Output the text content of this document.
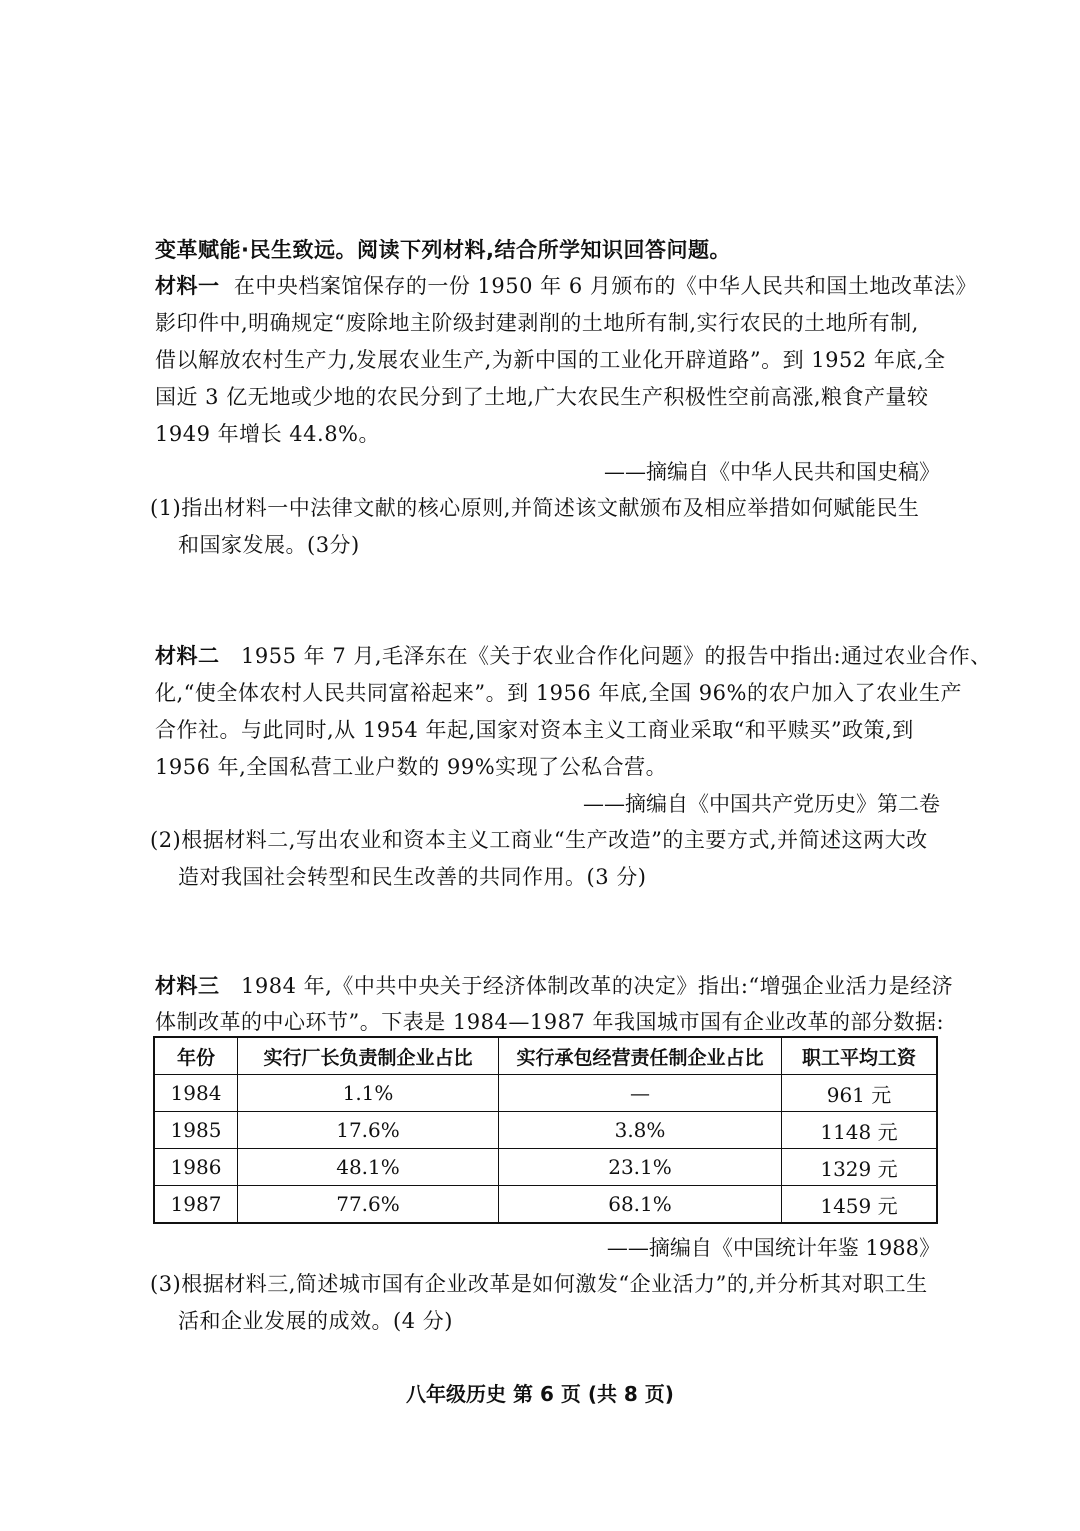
变革赋能·民生致远。阅读下列材料,结合所学知识回答问题。
材料一 在中央档案馆保存的一份 1950 年 6 月颁布的《中华人民共和国土地改革法》
影印件中,明确规定“废除地主阶级封建剥削的土地所有制,实行农民的土地所有制,
借以解放农村生产力,发展农业生产,为新中国的工业化开辟道路”。到 1952 年底,全
国近 3 亿无地或少地的农民分到了土地,广大农民生产积极性空前高涨,粮食产量较
1949 年增长 44.8%。
——摘编自《中华人民共和国史稿》
(1)指出材料一中法律文献的核心原则,并简述该文献颁布及相应举措如何赋能民生
和国家发展。(3分)
材料二 1955 年 7 月,毛泽东在《关于农业合作化问题》的报告中指出:通过农业合作、
化,“使全体农村人民共同富裕起来”。到 1956 年底,全国 96%的农户加入了农业生产
合作社。与此同时,从 1954 年起,国家对资本主义工商业采取“和平赎买”政策,到
1956 年,全国私营工业户数的 99%实现了公私合营。
——摘编自《中国共产党历史》第二卷
(2)根据材料二,写出农业和资本主义工商业“生产改造”的主要方式,并简述这两大改
造对我国社会转型和民生改善的共同作用。(3 分)
材料三 1984 年,《中共中央关于经济体制改革的决定》指出:“增强企业活力是经济
体制改革的中心环节”。下表是 1984—1987 年我国城市国有企业改革的部分数据:
年份	实行厂长负责制企业占比	实行承包经营责任制企业占比	职工平均工资
1984	1.1%	—	961 元
1985	17.6%	3.8%	1148 元
1986	48.1%	23.1%	1329 元
1987	77.6%	68.1%	1459 元
——摘编自《中国统计年鉴 1988》
(3)根据材料三,简述城市国有企业改革是如何激发“企业活力”的,并分析其对职工生
活和企业发展的成效。(4 分)
八年级历史 第 6 页 (共 8 页)
